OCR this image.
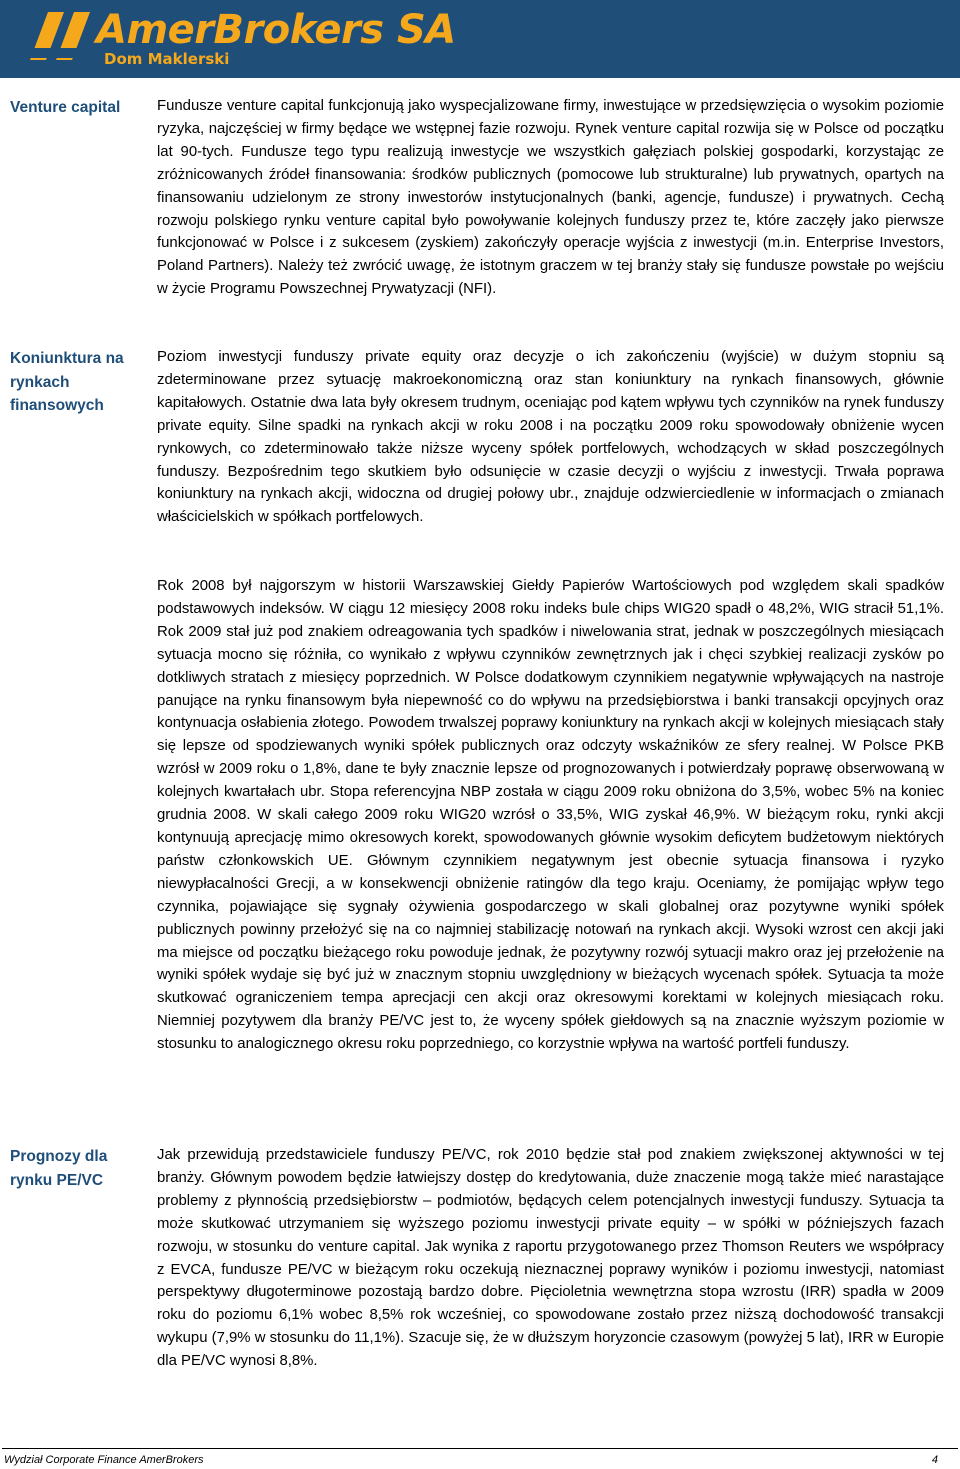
AmerBrokers SA
Dom Maklerski
Venture capital	Fundusze venture capital funkcjonują jako wyspecjalizowane firmy, inwestujące w przedsięwzięcia o wysokim poziomie ryzyka, najczęściej w firmy będące we wstępnej fazie rozwoju. Rynek venture capital rozwija się w Polsce od początku lat 90-tych. Fundusze tego typu realizują inwestycje we wszystkich gałęziach polskiej gospodarki, korzystając ze zróżnicowanych źródeł finansowania: środków publicznych (pomocowe lub strukturalne) lub prywatnych, opartych na finansowaniu udzielonym ze strony inwestorów instytucjonalnych (banki, agencje, fundusze) i prywatnych. Cechą rozwoju polskiego rynku venture capital było powoływanie kolejnych funduszy przez te, które zaczęły jako pierwsze funkcjonować w Polsce i z sukcesem (zyskiem) zakończyły operacje wyjścia z inwestycji (m.in. Enterprise Investors, Poland Partners). Należy też zwrócić uwagę, że istotnym graczem w tej branży stały się fundusze powstałe po wejściu w życie Programu Powszechnej Prywatyzacji (NFI).

Koniunktura na rynkach finansowych

Poziom inwestycji funduszy private equity oraz decyzje o ich zakończeniu (wyjście) w dużym stopniu są zdeterminowane przez sytuację makroekonomiczną oraz stan koniunktury na rynkach finansowych, głównie kapitałowych. Ostatnie dwa lata były okresem trudnym, oceniając pod kątem wpływu tych czynników na rynek funduszy private equity. Silne spadki na rynkach akcji w roku 2008 i na początku 2009 roku spowodowały obniżenie wycen rynkowych, co zdeterminowało także niższe wyceny spółek portfelowych, wchodzących w skład poszczególnych funduszy. Bezpośrednim tego skutkiem było odsunięcie w czasie decyzji o wyjściu z inwestycji. Trwała poprawa koniunktury na rynkach akcji, widoczna od drugiej połowy ubr., znajduje odzwierciedlenie w informacjach o zmianach właścicielskich w spółkach portfelowych.

Rok 2008 był najgorszym w historii Warszawskiej Giełdy Papierów Wartościowych pod względem skali spadków podstawowych indeksów. W ciągu 12 miesięcy 2008 roku indeks bule chips WIG20 spadł o 48,2%, WIG stracił 51,1%. Rok 2009 stał już pod znakiem odreagowania tych spadków i niwelowania strat, jednak w poszczególnych miesiącach sytuacja mocno się różniła, co wynikało z wpływu czynników zewnętrznych jak i chęci szybkiej realizacji zysków po dotkliwych stratach z miesięcy poprzednich. W Polsce dodatkowym czynnikiem negatywnie wpływających na nastroje panujące na rynku finansowym była niepewność co do wpływu na przedsiębiorstwa i banki transakcji opcyjnych oraz kontynuacja osłabienia złotego. Powodem trwalszej poprawy koniunktury na rynkach akcji w kolejnych miesiącach stały się lepsze od spodziewanych wyniki spółek publicznych oraz odczyty wskaźników ze sfery realnej. W Polsce PKB wzrósł w 2009 roku o 1,8%, dane te były znacznie lepsze od prognozowanych i potwierdzały poprawę obserwowaną w kolejnych kwartałach ubr. Stopa referencyjna NBP została w ciągu 2009 roku obniżona do 3,5%, wobec 5% na koniec grudnia 2008. W skali całego 2009 roku WIG20 wzrósł o 33,5%, WIG zyskał 46,9%. W bieżącym roku, rynki akcji kontynuują aprecjację mimo okresowych korekt, spowodowanych głównie wysokim deficytem budżetowym niektórych państw członkowskich UE. Głównym czynnikiem negatywnym jest obecnie sytuacja finansowa i ryzyko niewypłacalności Grecji, a w konsekwencji obniżenie ratingów dla tego kraju. Oceniamy, że pomijając wpływ tego czynnika, pojawiające się sygnały ożywienia gospodarczego w skali globalnej oraz pozytywne wyniki spółek publicznych powinny przełożyć się na co najmniej stabilizację notowań na rynkach akcji. Wysoki wzrost cen akcji jaki ma miejsce od początku bieżącego roku powoduje jednak, że pozytywny rozwój sytuacji makro oraz jej przełożenie na wyniki spółek wydaje się być już w znacznym stopniu uwzględniony w bieżących wycenach spółek. Sytuacja ta może skutkować ograniczeniem tempa aprecjacji cen akcji oraz okresowymi korektami w kolejnych miesiącach roku. Niemniej pozytywem dla branży PE/VC jest to, że wyceny spółek giełdowych są na znacznie wyższym poziomie w stosunku to analogicznego okresu roku poprzedniego, co korzystnie wpływa na wartość portfeli funduszy.

Prognozy dla rynku PE/VC

Jak przewidują przedstawiciele funduszy PE/VC, rok 2010 będzie stał pod znakiem zwiększonej aktywności w tej branży. Głównym powodem będzie łatwiejszy dostęp do kredytowania, duże znaczenie mogą także mieć narastające problemy z płynnością przedsiębiorstw – podmiotów, będących celem potencjalnych inwestycji funduszy. Sytuacja ta może skutkować utrzymaniem się wyższego poziomu inwestycji private equity – w spółki w późniejszych fazach rozwoju, w stosunku do venture capital. Jak wynika z raportu przygotowanego przez Thomson Reuters we współpracy z EVCA, fundusze PE/VC w bieżącym roku oczekują nieznacznej poprawy wyników i poziomu inwestycji, natomiast perspektywy długoterminowe pozostają bardzo dobre. Pięcioletnia wewnętrzna stopa wzrostu (IRR) spadła w 2009 roku do poziomu 6,1% wobec 8,5% rok wcześniej, co spowodowane zostało przez niższą dochodowość transakcji wykupu (7,9% w stosunku do 11,1%). Szacuje się, że w dłuższym horyzoncie czasowym (powyżej 5 lat), IRR w Europie dla PE/VC wynosi 8,8%.

Wydział Corporate Finance AmerBrokers	4
